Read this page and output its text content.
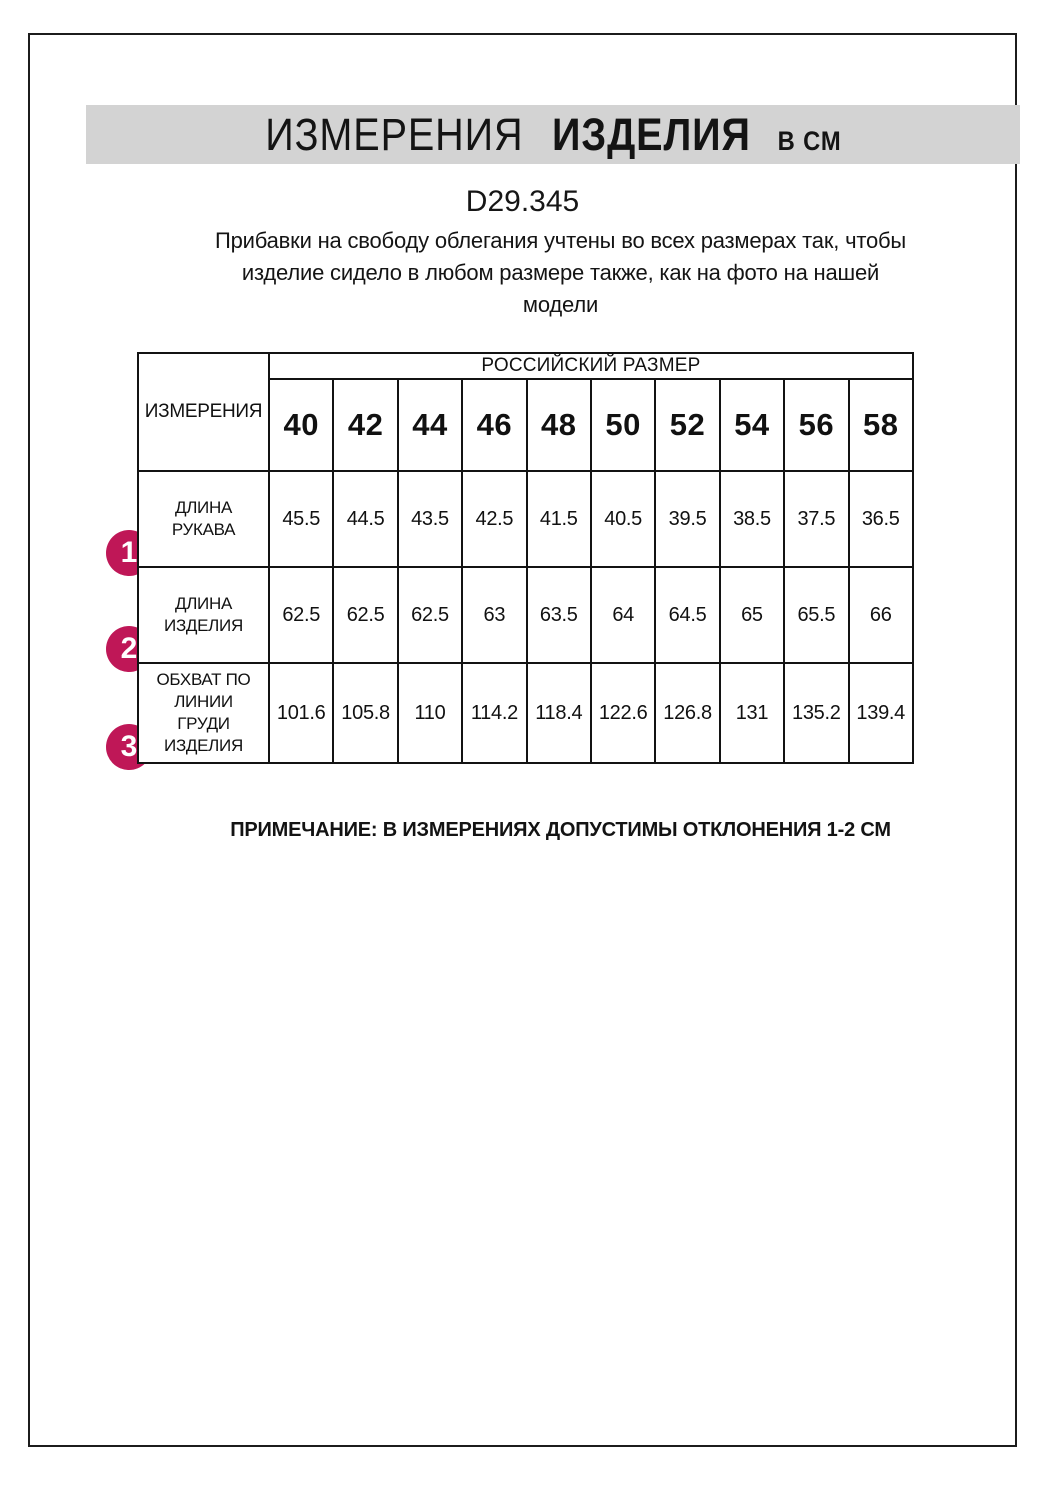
ИЗМЕРЕНИЯ ИЗДЕЛИЯ В СМ
D29.345
Прибавки на свободу облегания учтены во всех размерах так, чтобы
изделие сидело в любом размере также, как на фото на нашей
модели
1
2
3
ПРИМЕЧАНИЕ: В ИЗМЕРЕНИЯХ ДОПУСТИМЫ ОТКЛОНЕНИЯ 1-2 СМ
ИЗМЕРЕНИЯ	РОССИЙСКИЙ РАЗМЕР									
	40	42	44	46	48	50	52	54	56	58
ДЛИНА РУКАВА	45.5	44.5	43.5	42.5	41.5	40.5	39.5	38.5	37.5	36.5
ДЛИНА ИЗДЕЛИЯ	62.5	62.5	62.5	63	63.5	64	64.5	65	65.5	66
ОБХВАТ ПО ЛИНИИ ГРУДИ ИЗДЕЛИЯ	101.6	105.8	110	114.2	118.4	122.6	126.8	131	135.2	139.4
